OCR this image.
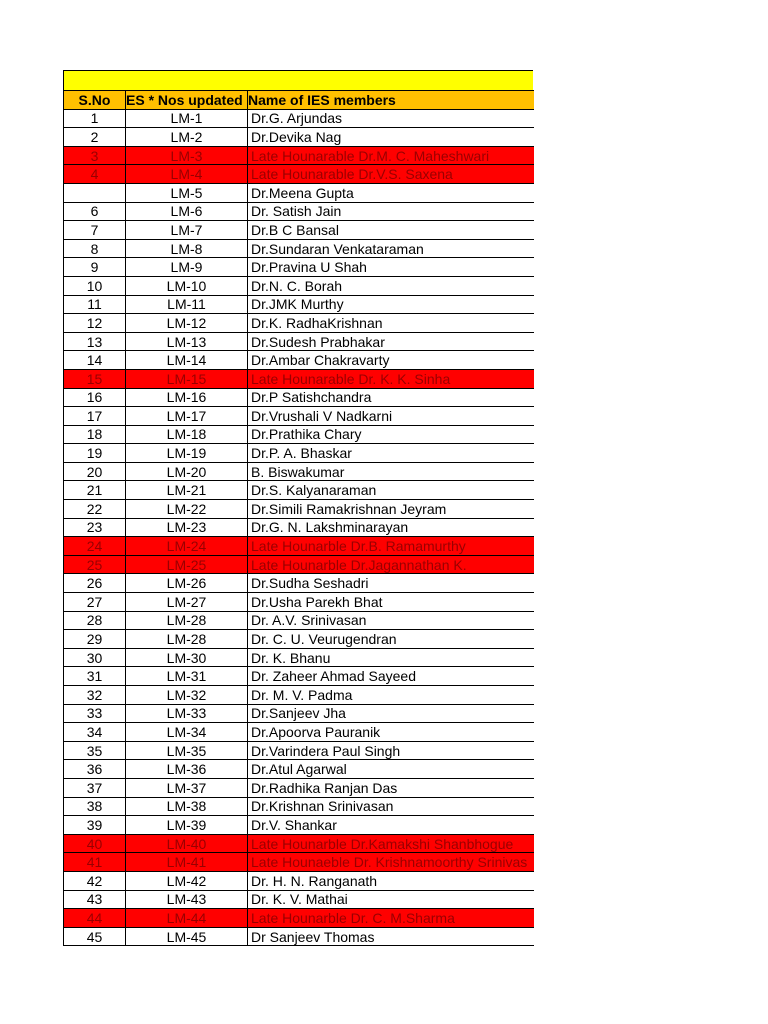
S.No	ES * Nos updated	Name of IES members
1	LM-1	Dr.G. Arjundas
2	LM-2	Dr.Devika Nag
3	LM-3	Late Hounarable Dr.M. C. Maheshwari
4	LM-4	Late Hounarable Dr.V.S. Saxena
	LM-5	Dr.Meena Gupta
6	LM-6	Dr. Satish Jain
7	LM-7	Dr.B C Bansal
8	LM-8	Dr.Sundaran Venkataraman
9	LM-9	Dr.Pravina U Shah
10	LM-10	Dr.N. C. Borah
11	LM-11	Dr.JMK Murthy
12	LM-12	Dr.K. RadhaKrishnan
13	LM-13	Dr.Sudesh Prabhakar
14	LM-14	Dr.Ambar Chakravarty
15	LM-15	Late Hounarable Dr. K. K. Sinha
16	LM-16	Dr.P Satishchandra
17	LM-17	Dr.Vrushali V Nadkarni
18	LM-18	Dr.Prathika Chary
19	LM-19	Dr.P. A. Bhaskar
20	LM-20	B. Biswakumar
21	LM-21	Dr.S. Kalyanaraman
22	LM-22	Dr.Simili Ramakrishnan Jeyram
23	LM-23	Dr.G. N. Lakshminarayan
24	LM-24	Late Hounarble Dr.B. Ramamurthy
25	LM-25	Late Hounarble Dr.Jagannathan K.
26	LM-26	Dr.Sudha Seshadri
27	LM-27	Dr.Usha Parekh Bhat
28	LM-28	Dr. A.V. Srinivasan
29	LM-28	Dr. C. U. Veurugendran
30	LM-30	Dr. K. Bhanu
31	LM-31	Dr. Zaheer Ahmad Sayeed
32	LM-32	Dr. M. V. Padma
33	LM-33	Dr.Sanjeev Jha
34	LM-34	Dr.Apoorva Pauranik
35	LM-35	Dr.Varindera Paul Singh
36	LM-36	Dr.Atul Agarwal
37	LM-37	Dr.Radhika Ranjan Das
38	LM-38	Dr.Krishnan Srinivasan
39	LM-39	Dr.V. Shankar
40	LM-40	Late Hounarble Dr.Kamakshi Shanbhogue
41	LM-41	Late Hounaeble Dr. Krishnamoorthy Srinivas
42	LM-42	Dr. H. N. Ranganath
43	LM-43	Dr. K. V. Mathai
44	LM-44	Late Hounarble Dr. C. M.Sharma
45	LM-45	Dr Sanjeev Thomas
